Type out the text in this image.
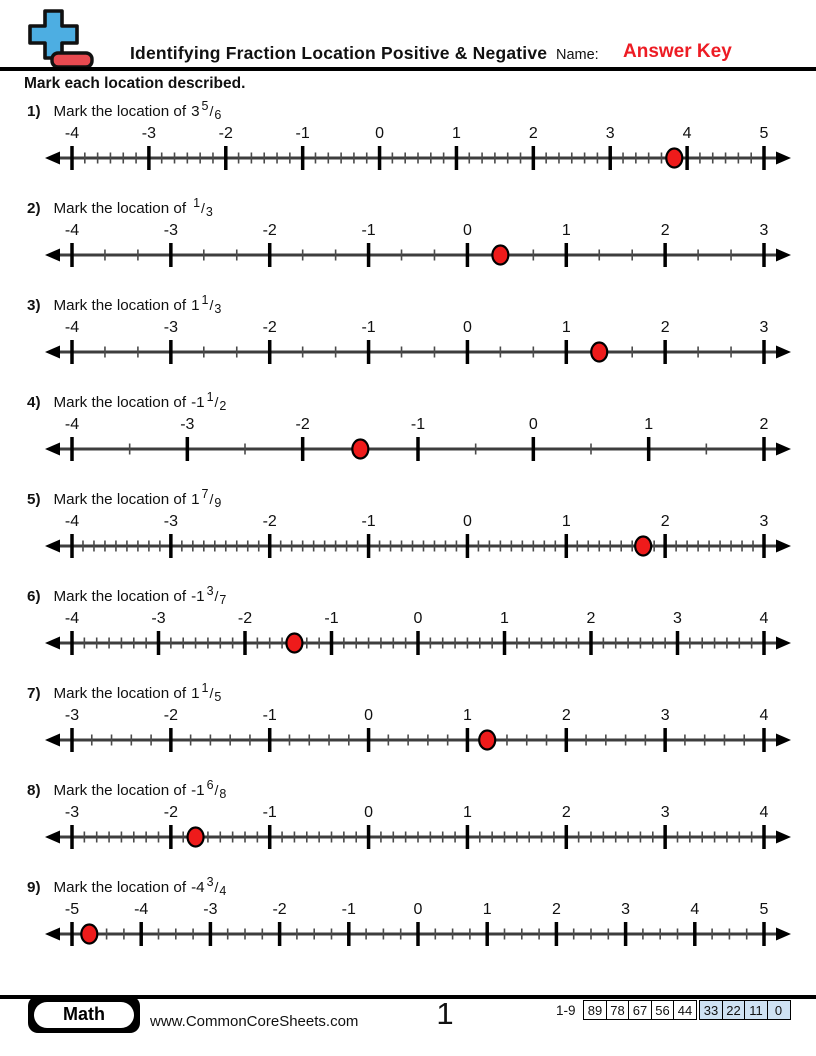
Identifying Fraction Location Positive & Negative Name: Answer Key
Mark each location described.
1) Mark the location of 3 $^5/_6$
-4	-3	-2	-1	0	1	2	3	4	5
2) Mark the location of $^1/_3$
-4	-3	-2	-1	0	1	2	3
3) Mark the location of 1 $^1/_3$
-4	-3	-2	-1	0	1	2	3
4) Mark the location of -1 $^1/_2$
-4	-3	-2	-1	0	1	2
5) Mark the location of 1 $^7/_9$
-4	-3	-2	-1	0	1	2	3
6) Mark the location of -1 $^3/_7$
-4	-3	-2	-1	0	1	2	3	4
7) Mark the location of 1 $^1/_5$
-3	-2	-1	0	1	2	3	4
8) Mark the location of -1 $^6/_8$
-3	-2	-1	0	1	2	3	4
9) Mark the location of -4 $^3/_4$
-5	-4	-3	-2	-1	0	1	2	3	4	5
Math	www.CommonCoreSheets.com	1	1-9 89 78 67 56 44 33 22 11 0
